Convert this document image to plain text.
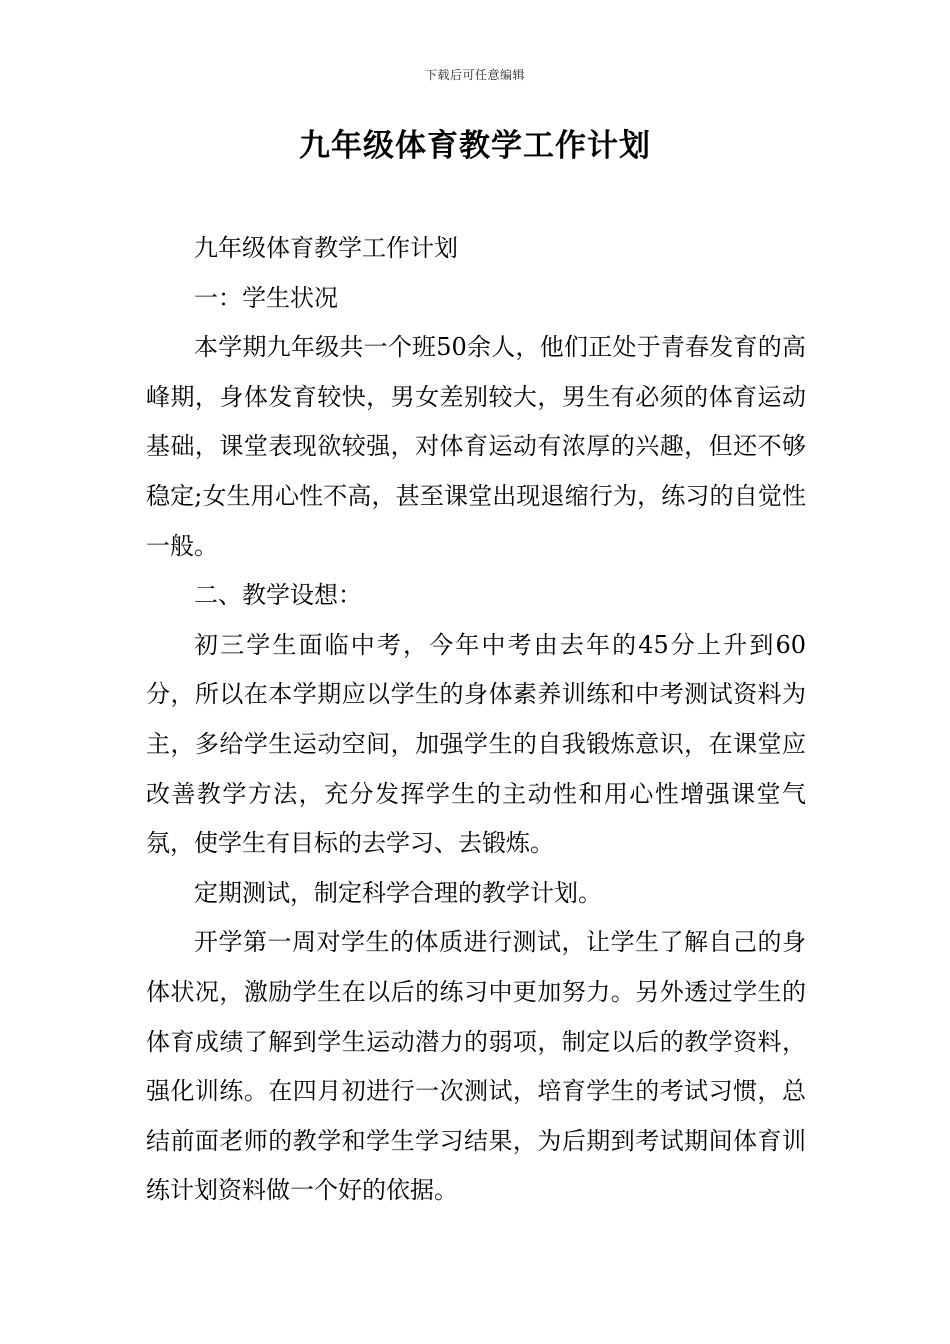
下载后可任意编辑
九年级体育教学工作计划

九年级体育教学工作计划

一：学生状况

本学期九年级共一个班50余人，他们正处于青春发育的高峰期，身体发育较快，男女差别较大，男生有必须的体育运动基础，课堂表现欲较强，对体育运动有浓厚的兴趣，但还不够稳定;女生用心性不高，甚至课堂出现退缩行为，练习的自觉性一般。

二、教学设想：

初三学生面临中考，今年中考由去年的45分上升到60分，所以在本学期应以学生的身体素养训练和中考测试资料为主，多给学生运动空间，加强学生的自我锻炼意识，在课堂应改善教学方法，充分发挥学生的主动性和用心性增强课堂气氛，使学生有目标的去学习、去锻炼。

定期测试，制定科学合理的教学计划。

开学第一周对学生的体质进行测试，让学生了解自己的身体状况，激励学生在以后的练习中更加努力。另外透过学生的体育成绩了解到学生运动潜力的弱项，制定以后的教学资料，强化训练。在四月初进行一次测试，培育学生的考试习惯，总结前面老师的教学和学生学习结果，为后期到考试期间体育训练计划资料做一个好的依据。
